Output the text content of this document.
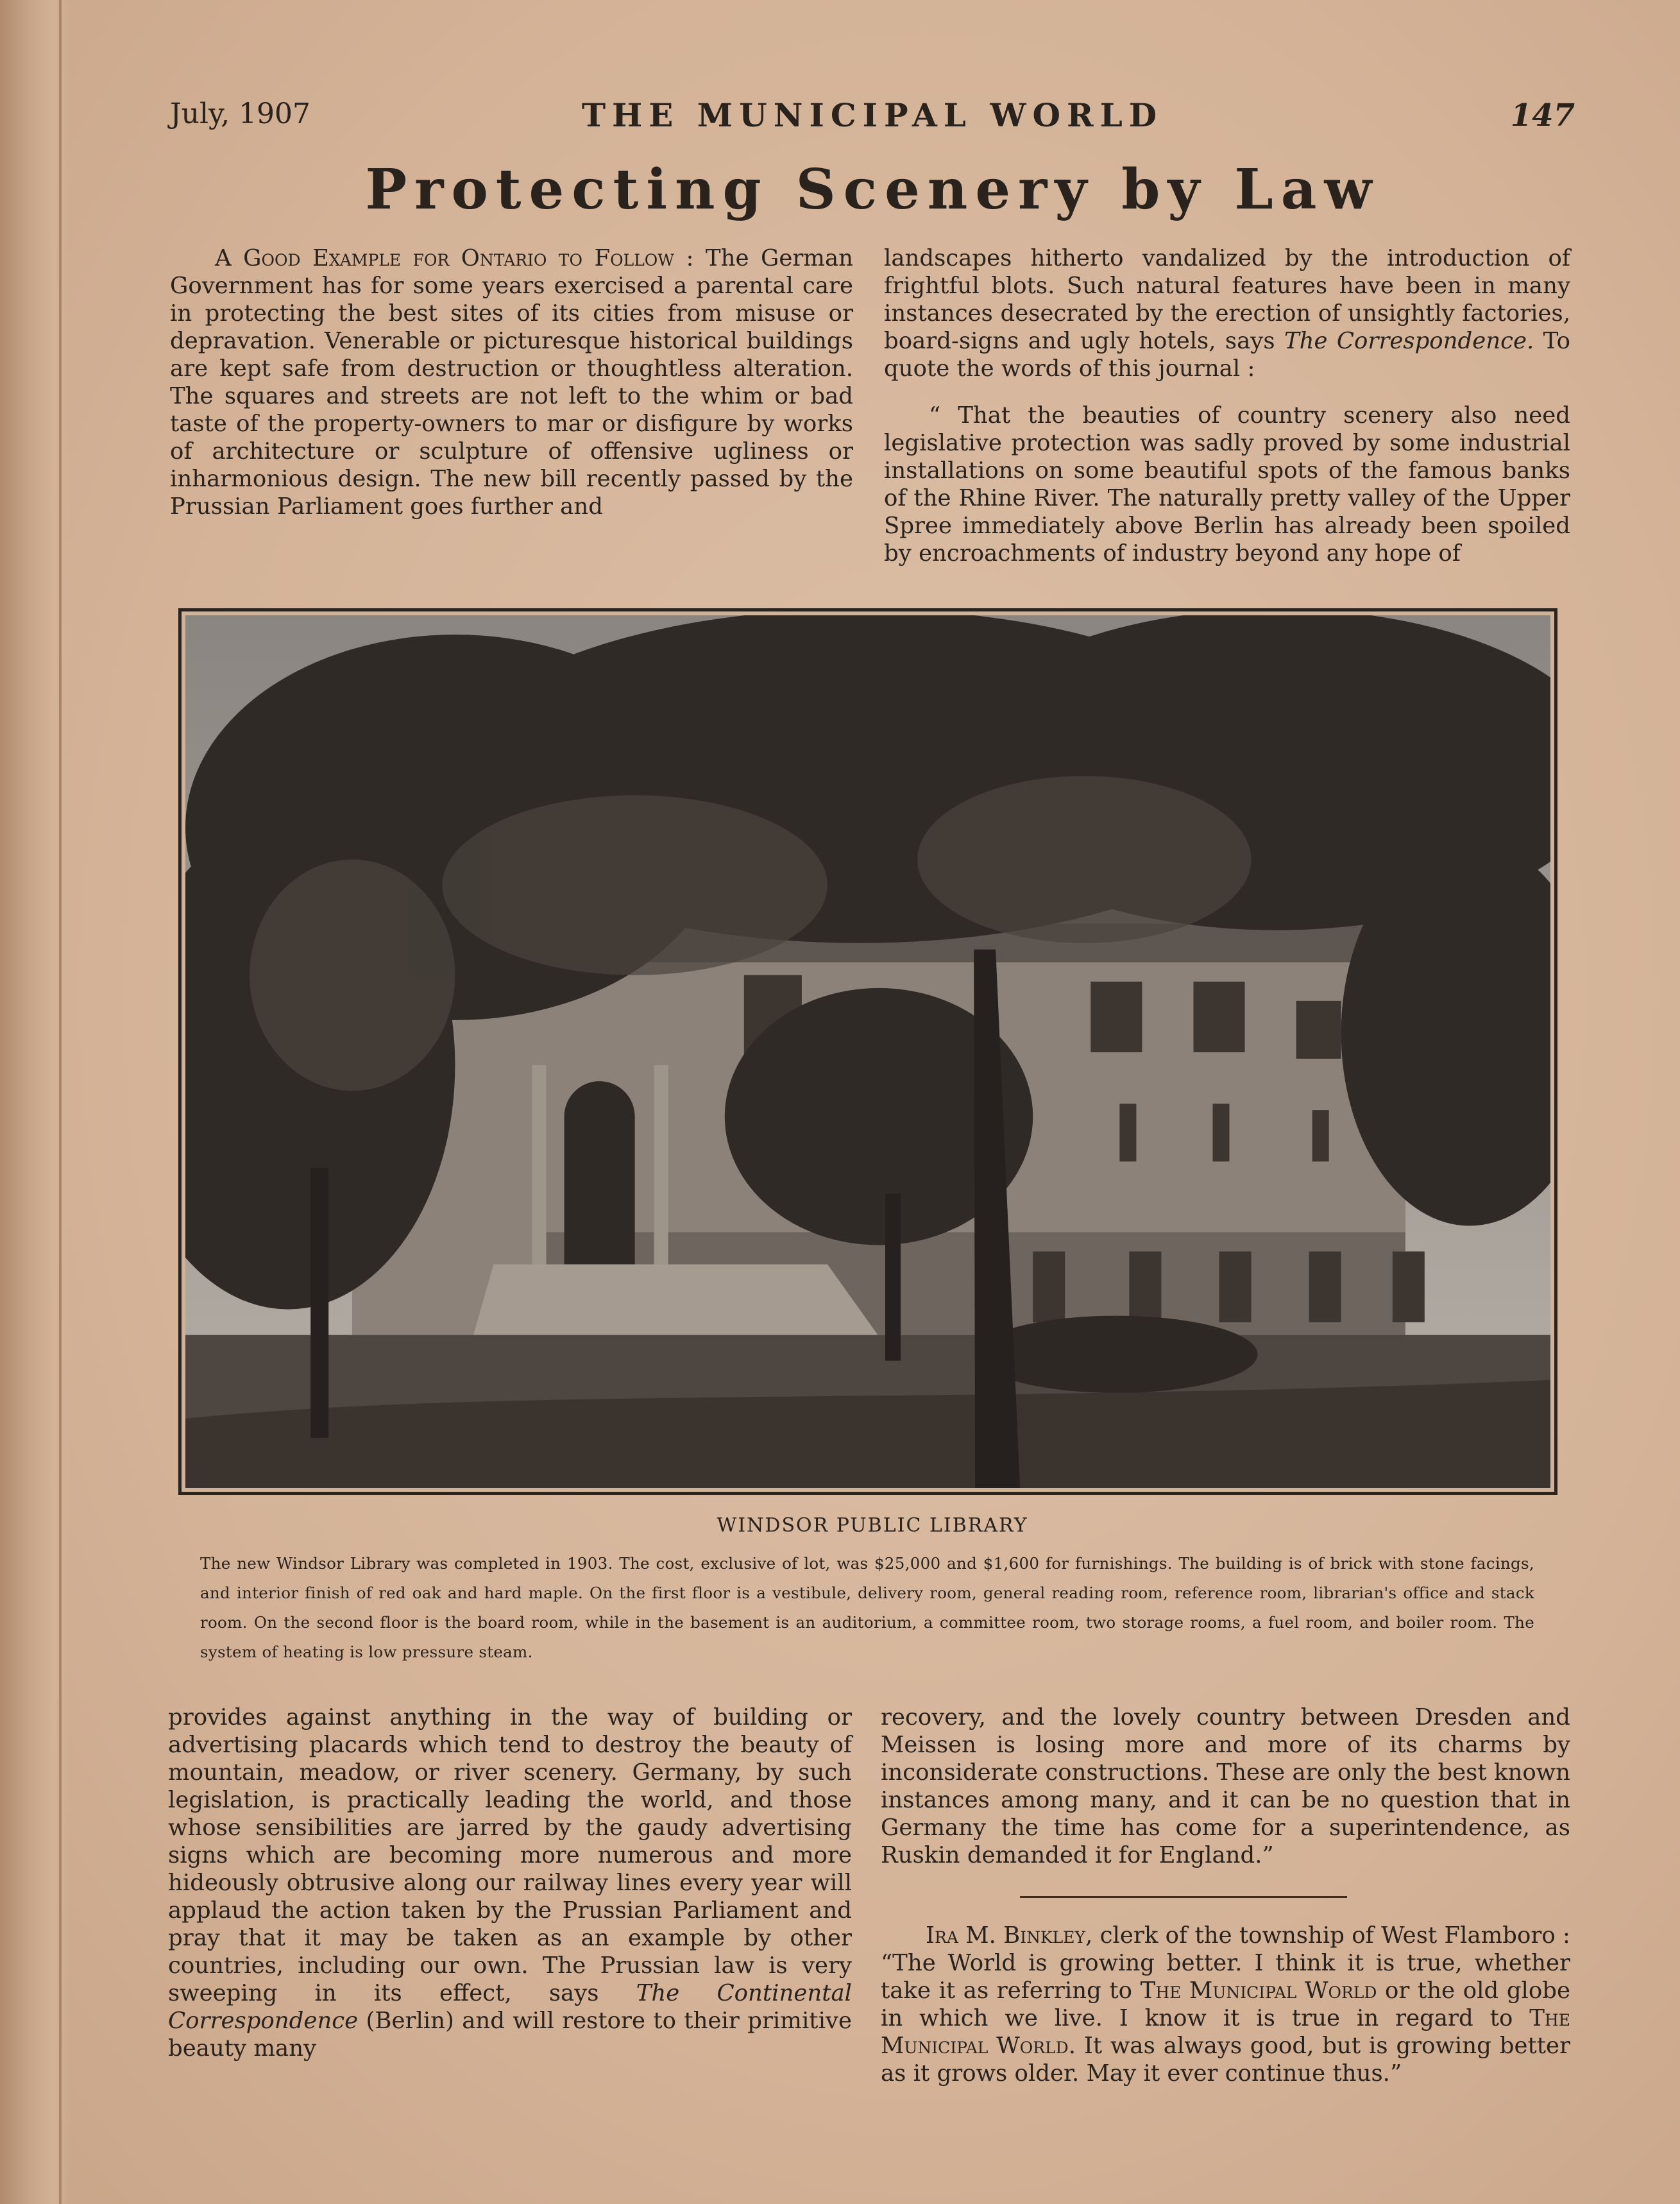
July, 1907	THE MUNICIPAL WORLD	147
Protecting Scenery by Law

A Good Example for Ontario to Follow : The German Government has for some years exercised a parental care in protecting the best sites of its cities from misuse or depravation. Venerable or picturesque historical buildings are kept safe from destruction or thoughtless alteration. The squares and streets are not left to the whim or bad taste of the property-owners to mar or disfigure by works of architecture or sculpture of offensive ugliness or inharmonious design. The new bill recently passed by the Prussian Parliament goes further and

landscapes hitherto vandalized by the introduction of frightful blots. Such natural features have been in many instances desecrated by the erection of unsightly factories, board-signs and ugly hotels, says The Correspondence. To quote the words of this journal :

“ That the beauties of country scenery also need legislative protection was sadly proved by some industrial installations on some beautiful spots of the famous banks of the Rhine River. The naturally pretty valley of the Upper Spree immediately above Berlin has already been spoiled by encroachments of industry beyond any hope of

WINDSOR PUBLIC LIBRARY
The new Windsor Library was completed in 1903. The cost, exclusive of lot, was $25,000 and $1,600 for furnishings. The building is of brick with stone facings, and interior finish of red oak and hard maple. On the first floor is a vestibule, delivery room, general reading room, reference room, librarian's office and stack room. On the second floor is the board room, while in the basement is an auditorium, a committee room, two storage rooms, a fuel room, and boiler room. The system of heating is low pressure steam.

provides against anything in the way of building or advertising placards which tend to destroy the beauty of mountain, meadow, or river scenery. Germany, by such legislation, is practically leading the world, and those whose sensibilities are jarred by the gaudy advertising signs which are becoming more numerous and more hideously obtrusive along our railway lines every year will applaud the action taken by the Prussian Parliament and pray that it may be taken as an example by other countries, including our own. The Prussian law is very sweeping in its effect, says The Continental Correspondence (Berlin) and will restore to their primitive beauty many

recovery, and the lovely country between Dresden and Meissen is losing more and more of its charms by inconsiderate constructions. These are only the best known instances among many, and it can be no question that in Germany the time has come for a superintendence, as Ruskin demanded it for England.”

Ira M. Binkley, clerk of the township of West Flamboro : “The World is growing better. I think it is true, whether take it as referring to The Municipal World or the old globe in which we live. I know it is true in regard to The Municipal World. It was always good, but is growing better as it grows older. May it ever continue thus.”
